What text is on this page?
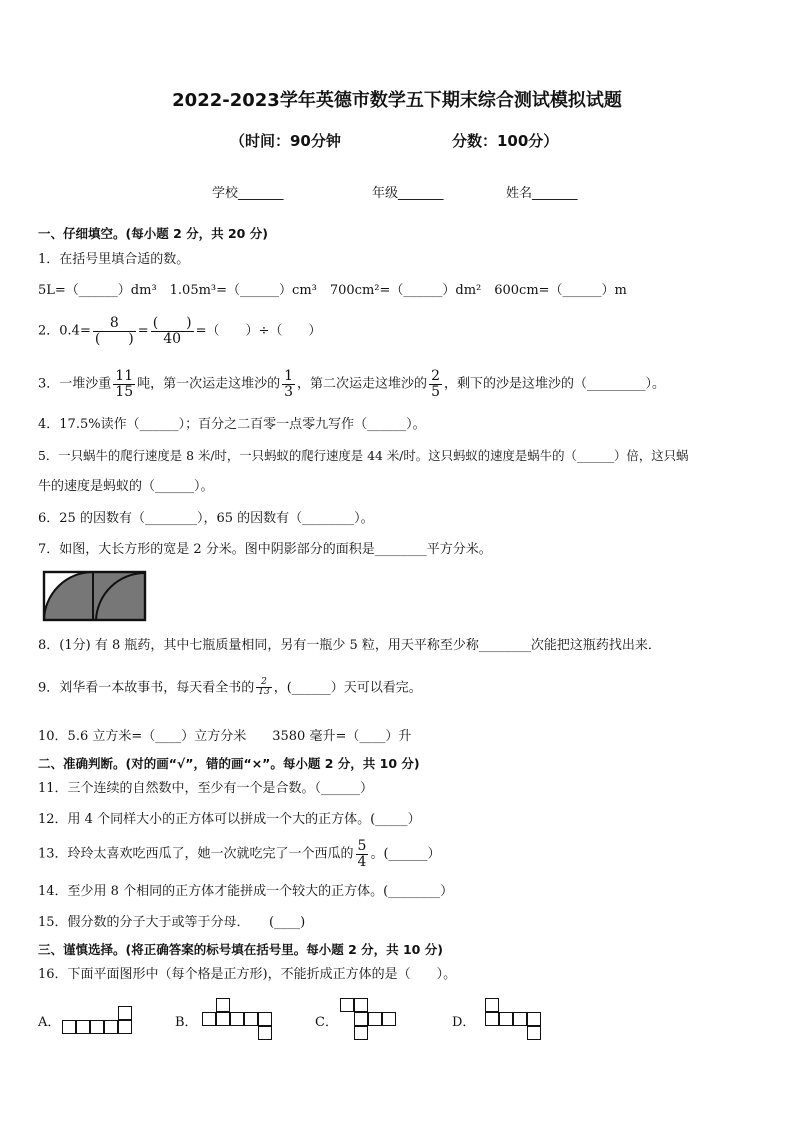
2022-2023学年英德市数学五下期末综合测试模拟试题
（时间：90分钟	分数：100分）
学校_______	年级_______	姓名_______
一、仔细填空。(每小题 2 分，共 20 分)
1．在括号里填合适的数。
5L=（______）dm³　1.05m³=（______）cm³　700cm²=（______）dm²　600cm=（______）m
2．$0.4= \frac{8}{( )} = \frac{( )}{40}$ =（　　）÷（　　）
3．一堆沙重 $\frac{11}{15}$ 吨，第一次运走这堆沙的 $\frac{1}{3}$ ，第二次运走这堆沙的 $\frac{2}{5}$ ，剩下的沙是这堆沙的（_________）。
4．17.5%读作（______）；百分之二百零一点零九写作（______）。
5．一只蜗牛的爬行速度是 8 米/时，一只蚂蚁的爬行速度是 44 米/时。这只蚂蚁的速度是蜗牛的（______）倍，这只蜗
牛的速度是蚂蚁的（______）。
6．25 的因数有（________），65 的因数有（________）。
7．如图，大长方形的宽是 2 分米。图中阴影部分的面积是________平方分米。
8．(1分) 有 8 瓶药，其中七瓶质量相同，另有一瓶少 5 粒，用天平称至少称________次能把这瓶药找出来．
9．刘华看一本故事书，每天看全书的 $\frac{2}{13}$ ，(______）天可以看完。
10．5.6 立方米=（____）立方分米　　3580 毫升=（____）升
二、准确判断。(对的画“√”，错的画“×”。每小题 2 分，共 10 分)
11．三个连续的自然数中，至少有一个是合数。（______）
12．用 4 个同样大小的正方体可以拼成一个大的正方体。(_____）
13．玲玲太喜欢吃西瓜了，她一次就吃完了一个西瓜的 $\frac{5}{4}$ 。(______）
14．至少用 8 个相同的正方体才能拼成一个较大的正方体。(________）
15．假分数的分子大于或等于分母．　　(____)
三、谨慎选择。(将正确答案的标号填在括号里。每小题 2 分，共 10 分)
16．下面平面图形中（每个格是正方形)，不能折成正方体的是（　　）。
A．	B．	C．	D．
